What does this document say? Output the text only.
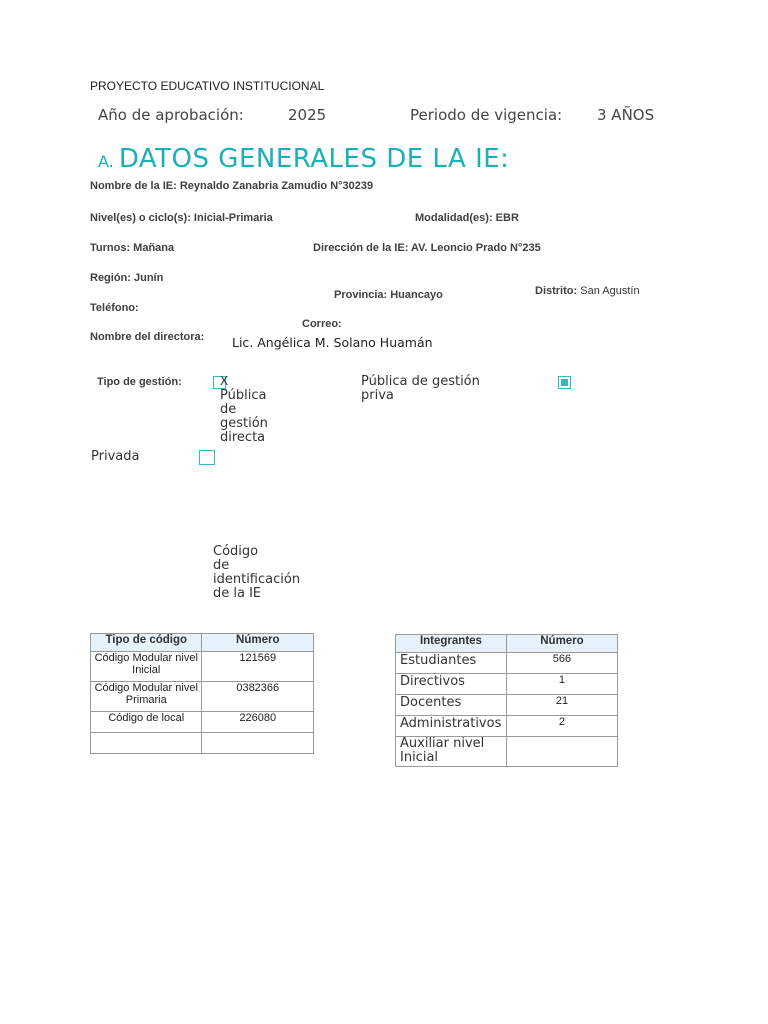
PROYECTO EDUCATIVO INSTITUCIONAL
Año de aprobación:	2025	Periodo de vigencia: 3 AÑOS
A. DATOS GENERALES DE LA IE:
Nombre de la IE: Reynaldo Zanabria Zamudio N°30239
Nivel(es) o ciclo(s): Inicial-Primaria	Modalidad(es): EBR
Turnos: Mañana	Dirección de la IE: AV. Leoncio Prado N°235
Región: Junín
Provincia: Huancayo	Distrito: San Agustín
Teléfono:
Correo:
Nombre del directora: Lic. Angélica M. Solano Huamán
Tipo de gestión:	X
Pública de gestión directa
Pública de gestión priva
Privada
Código de identificación de la IE
Tipo de código	Número
Código Modular nivel Inicial	121569
Código Modular nivel Primaria	0382366
Código de local	226080

Integrantes	Número
Estudiantes	566
Directivos	1
Docentes	21
Administrativos	2
Auxiliar nivel Inicial	
